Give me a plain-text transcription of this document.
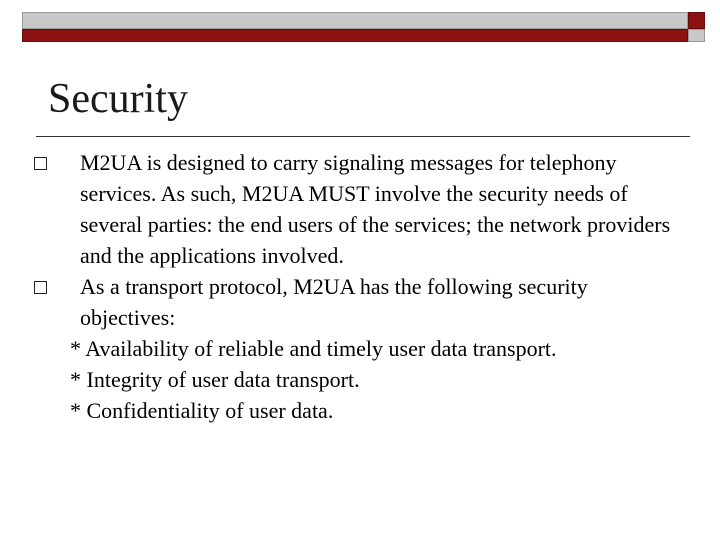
Security
M2UA is designed to carry signaling messages for telephony services. As such, M2UA MUST involve the security needs of several parties: the end users of the services; the network providers and the applications involved.
As a transport protocol, M2UA has the following security objectives:
* Availability of reliable and timely user data transport.
* Integrity of user data transport.
* Confidentiality of user data.
